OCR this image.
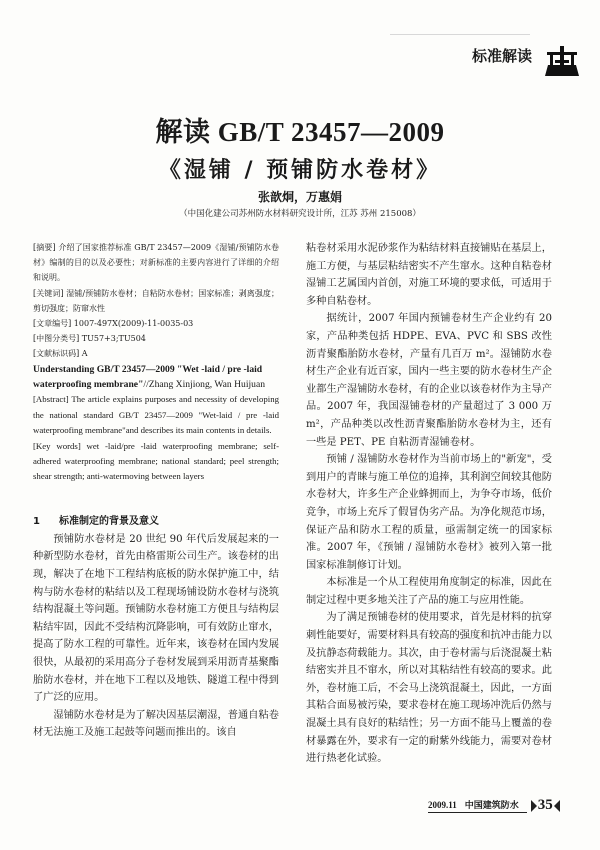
标准解读
解读 GB/T 23457—2009
《湿铺 / 预铺防水卷材》
张歆炯，万惠娟
（中国化建公司苏州防水材料研究设计所，江苏 苏州 215008）
[摘要] 介绍了国家推荐标准 GB/T 23457—2009《湿铺/预铺防水卷材》编制的目的以及必要性；对新标准的主要内容进行了详细的介绍和说明。
[关键词] 湿铺/预铺防水卷材；自粘防水卷材；国家标准；剥离强度；剪切强度；防窜水性
[文章编号] 1007-497X(2009)-11-0035-03
[中图分类号] TU57+3;TU504
[文献标识码] A
Understanding GB/T 23457—2009 "Wet -laid / pre -laid waterproofing membrane"//Zhang Xinjiong, Wan Huijuan
[Abstract] The article explains purposes and necessity of developing the national standard GB/T 23457—2009 "Wet-laid / pre -laid waterproofing membrane"and describes its main contents in details.
[Key words] wet -laid/pre -laid waterproofing membrane; self-adhered waterproofing membrane; national standard; peel strength; shear strength; anti-watermoving between layers
1 标准制定的背景及意义

预铺防水卷材是 20 世纪 90 年代后发展起来的一种新型防水卷材，首先由格雷斯公司生产。该卷材的出现，解决了在地下工程结构底板的防水保护施工中，结构与防水卷材的粘结以及工程现场铺设防水卷材与浇筑结构混凝土等问题。预铺防水卷材施工方便且与结构层粘结牢固，因此不受结构沉降影响，可有效防止窜水，提高了防水工程的可靠性。近年来，该卷材在国内发展很快，从最初的采用高分子卷材发展到采用沥青基聚酯胎防水卷材，并在地下工程以及地铁、隧道工程中得到了广泛的应用。

湿铺防水卷材是为了解决因基层潮湿，普通自粘卷材无法施工及施工起鼓等问题而推出的。该自

粘卷材采用水泥砂浆作为粘结材料直接铺贴在基层上，施工方便，与基层粘结密实不产生窜水。这种自粘卷材湿铺工艺属国内首创，对施工环境的要求低，可适用于多种自粘卷材。

据统计，2007 年国内预铺卷材生产企业约有 20 家，产品种类包括 HDPE、EVA、PVC 和 SBS 改性沥青聚酯胎防水卷材，产量有几百万 m²。湿铺防水卷材生产企业有近百家，国内一些主要的防水卷材生产企业都生产湿铺防水卷材，有的企业以该卷材作为主导产品。2007 年，我国湿铺卷材的产量超过了 3 000 万 m²，产品种类以改性沥青聚酯胎防水卷材为主，还有一些是 PET、PE 自粘沥青湿铺卷材。

预铺 / 湿铺防水卷材作为当前市场上的"新宠"，受到用户的青睐与施工单位的追捧，其利润空间较其他防水卷材大，许多生产企业蜂拥而上，为争夺市场，低价竞争，市场上充斥了假冒伪劣产品。为净化规范市场，保证产品和防水工程的质量，亟需制定统一的国家标准。2007 年，《预铺 / 湿铺防水卷材》被列入第一批国家标准制修订计划。

本标准是一个从工程使用角度制定的标准，因此在制定过程中更多地关注了产品的施工与应用性能。

为了满足预铺卷材的使用要求，首先是材料的抗穿刺性能要好，需要材料具有较高的强度和抗冲击能力以及抗静态荷载能力。其次，由于卷材需与后浇混凝土粘结密实并且不窜水，所以对其粘结性有较高的要求。此外，卷材施工后，不会马上浇筑混凝土，因此，一方面其粘合面易被污染，要求卷材在施工现场冲洗后仍然与混凝土具有良好的粘结性；另一方面不能马上覆盖的卷材暴露在外，要求有一定的耐紫外线能力，需要对卷材进行热老化试验。

2009.11 中国建筑防水	35
